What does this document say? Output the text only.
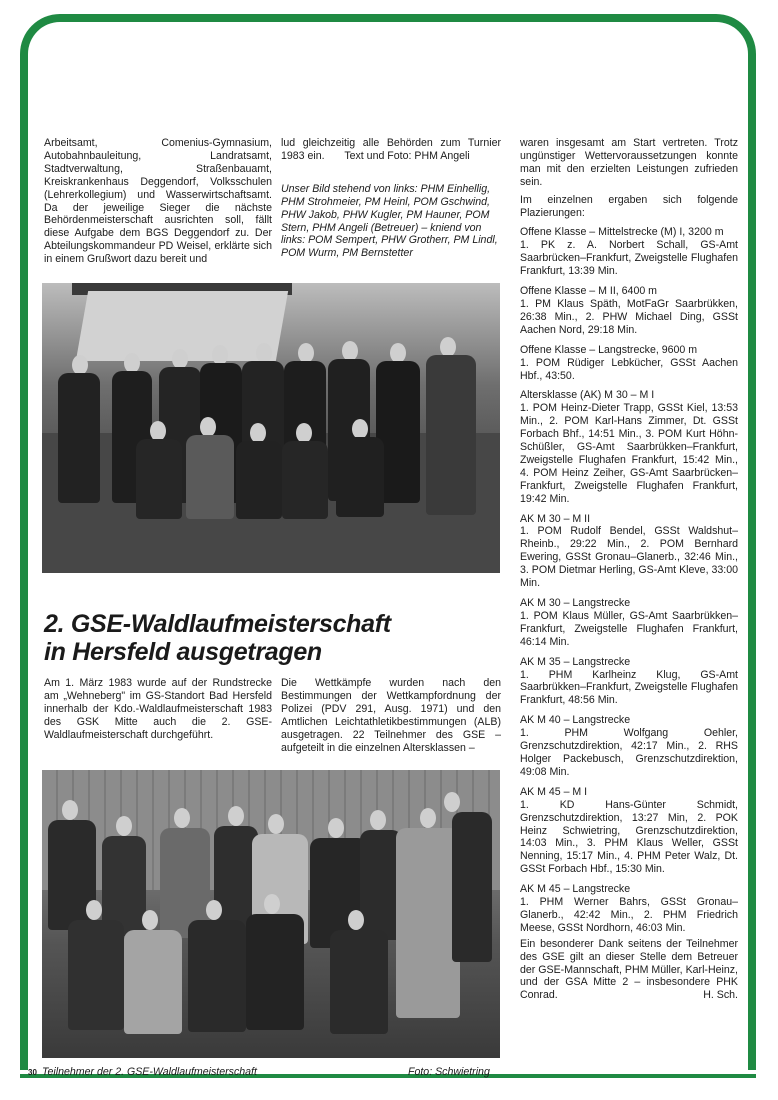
Arbeitsamt, Comenius-Gymnasium, Autobahnbauleitung, Landratsamt, Stadtverwaltung, Straßenbauamt, Kreiskrankenhaus Deggendorf, Volksschulen (Lehrerkollegium) und Wasserwirtschaftsamt. Da der jeweilige Sieger die nächste Behördenmeisterschaft ausrichten soll, fällt diese Aufgabe dem BGS Deggendorf zu. Der Abteilungskommandeur PD Weisel, erklärte sich in einem Grußwort dazu bereit und

lud gleichzeitig alle Behörden zum Turnier 1983 ein. Text und Foto: PHM Angeli

Unser Bild stehend von links: PHM Einhellig, PHM Strohmeier, PM Heinl, POM Gschwind, PHW Jakob, PHW Kugler, PM Hauner, POM Stern, PHM Angeli (Betreuer) – kniend von links: POM Sempert, PHW Grotherr, PM Lindl, POM Wurm, PM Bernstetter

2. GSE-Waldlaufmeisterschaft
in Hersfeld ausgetragen

Am 1. März 1983 wurde auf der Rundstrecke am „Wehneberg" im GS-Standort Bad Hersfeld innerhalb der Kdo.-Waldlaufmeisterschaft 1983 des GSK Mitte auch die 2. GSE-Waldlaufmeisterschaft durchgeführt.

Die Wettkämpfe wurden nach den Bestimmungen der Wettkampfordnung der Polizei (PDV 291, Ausg. 1971) und den Amtlichen Leichtathletikbestimmungen (ALB) ausgetragen. 22 Teilnehmer des GSE – aufgeteilt in die einzelnen Altersklassen –

waren insgesamt am Start vertreten. Trotz ungünstiger Wettervoraussetzungen konnte man mit den erzielten Leistungen zufrieden sein.

Im einzelnen ergaben sich folgende Plazierungen:

Offene Klasse – Mittelstrecke (M) I, 3200 m
1. PK z. A. Norbert Schall, GS-Amt Saarbrücken–Frankfurt, Zweigstelle Flughafen Frankfurt, 13:39 Min.

Offene Klasse – M II, 6400 m
1. PM Klaus Späth, MotFaGr Saarbrükken, 26:38 Min., 2. PHW Michael Ding, GSSt Aachen Nord, 29:18 Min.

Offene Klasse – Langstrecke, 9600 m
1. POM Rüdiger Lebkücher, GSSt Aachen Hbf., 43:50.

Altersklasse (AK) M 30 – M I
1. POM Heinz-Dieter Trapp, GSSt Kiel, 13:53 Min., 2. POM Karl-Hans Zimmer, Dt. GSSt Forbach Bhf., 14:51 Min., 3. POM Kurt Höhn-Schüßler, GS-Amt Saarbrükken–Frankfurt, Zweigstelle Flughafen Frankfurt, 15:42 Min., 4. POM Heinz Zeiher, GS-Amt Saarbrücken–Frankfurt, Zweigstelle Flughafen Frankfurt, 19:42 Min.

AK M 30 – M II
1. POM Rudolf Bendel, GSSt Waldshut–Rheinb., 29:22 Min., 2. POM Bernhard Ewering, GSSt Gronau–Glanerb., 32:46 Min., 3. POM Dietmar Herling, GS-Amt Kleve, 33:00 Min.

AK M 30 – Langstrecke
1. POM Klaus Müller, GS-Amt Saarbrükken–Frankfurt, Zweigstelle Flughafen Frankfurt, 46:14 Min.

AK M 35 – Langstrecke
1. PHM Karlheinz Klug, GS-Amt Saarbrükken–Frankfurt, Zweigstelle Flughafen Frankfurt, 48:56 Min.

AK M 40 – Langstrecke
1. PHM Wolfgang Oehler, Grenzschutzdirektion, 42:17 Min., 2. RHS Holger Packebusch, Grenzschutzdirektion, 49:08 Min.

AK M 45 – M I
1. KD Hans-Günter Schmidt, Grenzschutzdirektion, 13:27 Min, 2. POK Heinz Schwietring, Grenzschutzdirektion, 14:03 Min., 3. PHM Klaus Weller, GSSt Nenning, 15:17 Min., 4. PHM Peter Walz, Dt. GSSt Forbach Hbf., 15:30 Min.

AK M 45 – Langstrecke
1. PHM Werner Bahrs, GSSt Gronau–Glanerb., 42:42 Min., 2. PHM Friedrich Meese, GSSt Nordhorn, 46:03 Min.

Ein besonderer Dank seitens der Teilnehmer des GSE gilt an dieser Stelle dem Betreuer der GSE-Mannschaft, PHM Müller, Karl-Heinz, und der GSA Mitte 2 – insbesondere PHK Conrad.	H. Sch.

30 Teilnehmer der 2. GSE-Waldlaufmeisterschaft	Foto: Schwietring
